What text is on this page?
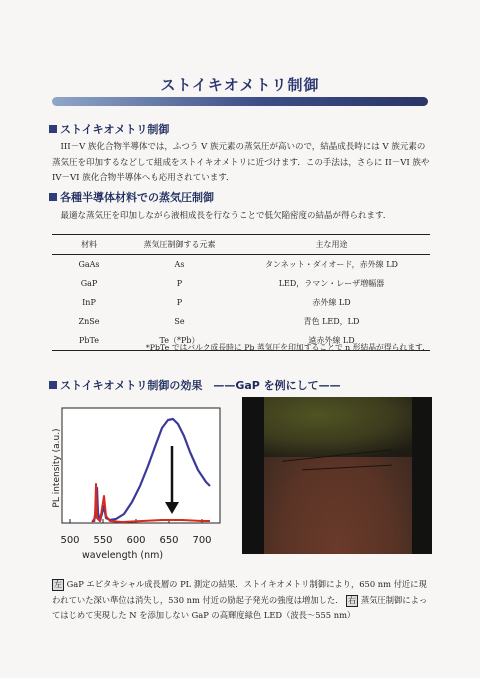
ストイキオメトリ制御
ストイキオメトリ制御
III－V 族化合物半導体では，ふつう V 族元素の蒸気圧が高いので，結晶成長時には V 族元素の蒸気圧を印加するなどして組成をストイキオメトリに近づけます．この手法は，さらに II－VI 族や IV－VI 族化合物半導体へも応用されています．
各種半導体材料での蒸気圧制御
最適な蒸気圧を印加しながら液相成長を行なうことで低欠陥密度の結晶が得られます．
材料	蒸気圧制御する元素	主な用途
GaAs	As	タンネット・ダイオード，赤外線 LD
GaP	P	LED，ラマン・レーザ増幅器
InP	P	赤外線 LD
ZnSe	Se	青色 LED，LD
PbTe	Te（*Pb）	遠赤外線 LD
*PbTe ではバルク成長時に Pb 蒸気圧を印加することで n 形結晶が得られます．
ストイキオメトリ制御の効果　——GaP を例にして——
PL intensity (a.u.)
500 550 600 650 700
wavelength (nm)
左 GaP エピタキシャル成長層の PL 測定の結果．ストイキオメトリ制御により，650 nm 付近に現われていた深い準位は消失し，530 nm 付近の励起子発光の強度は増加した． 右 蒸気圧制御によってはじめて実現した N を添加しない GaP の高輝度緑色 LED（波長～555 nm）
